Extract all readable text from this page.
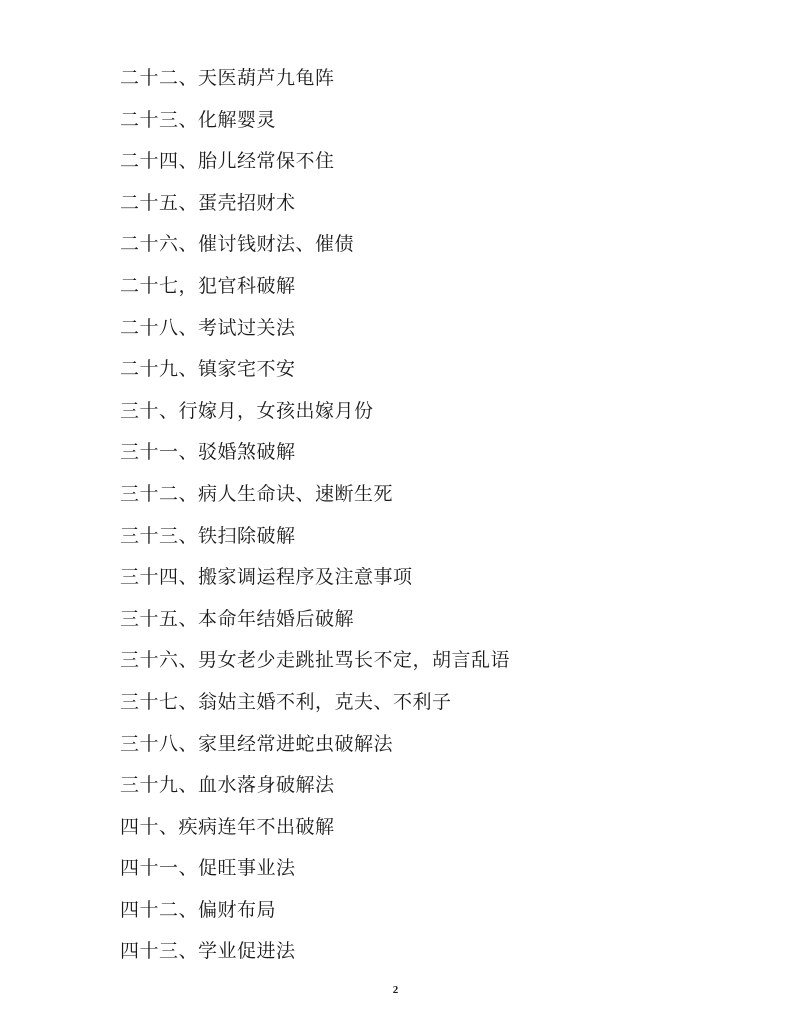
二十二、天医葫芦九龟阵
二十三、化解婴灵
二十四、胎儿经常保不住
二十五、蛋壳招财术
二十六、催讨钱财法、催债
二十七，犯官科破解
二十八、考试过关法
二十九、镇家宅不安
三十、行嫁月，女孩出嫁月份
三十一、驳婚煞破解
三十二、病人生命诀、速断生死
三十三、铁扫除破解
三十四、搬家调运程序及注意事项
三十五、本命年结婚后破解
三十六、男女老少走跳扯骂长不定，胡言乱语
三十七、翁姑主婚不利，克夫、不利子
三十八、家里经常进蛇虫破解法
三十九、血水落身破解法
四十、疾病连年不出破解
四十一、促旺事业法
四十二、偏财布局
四十三、学业促进法
2
